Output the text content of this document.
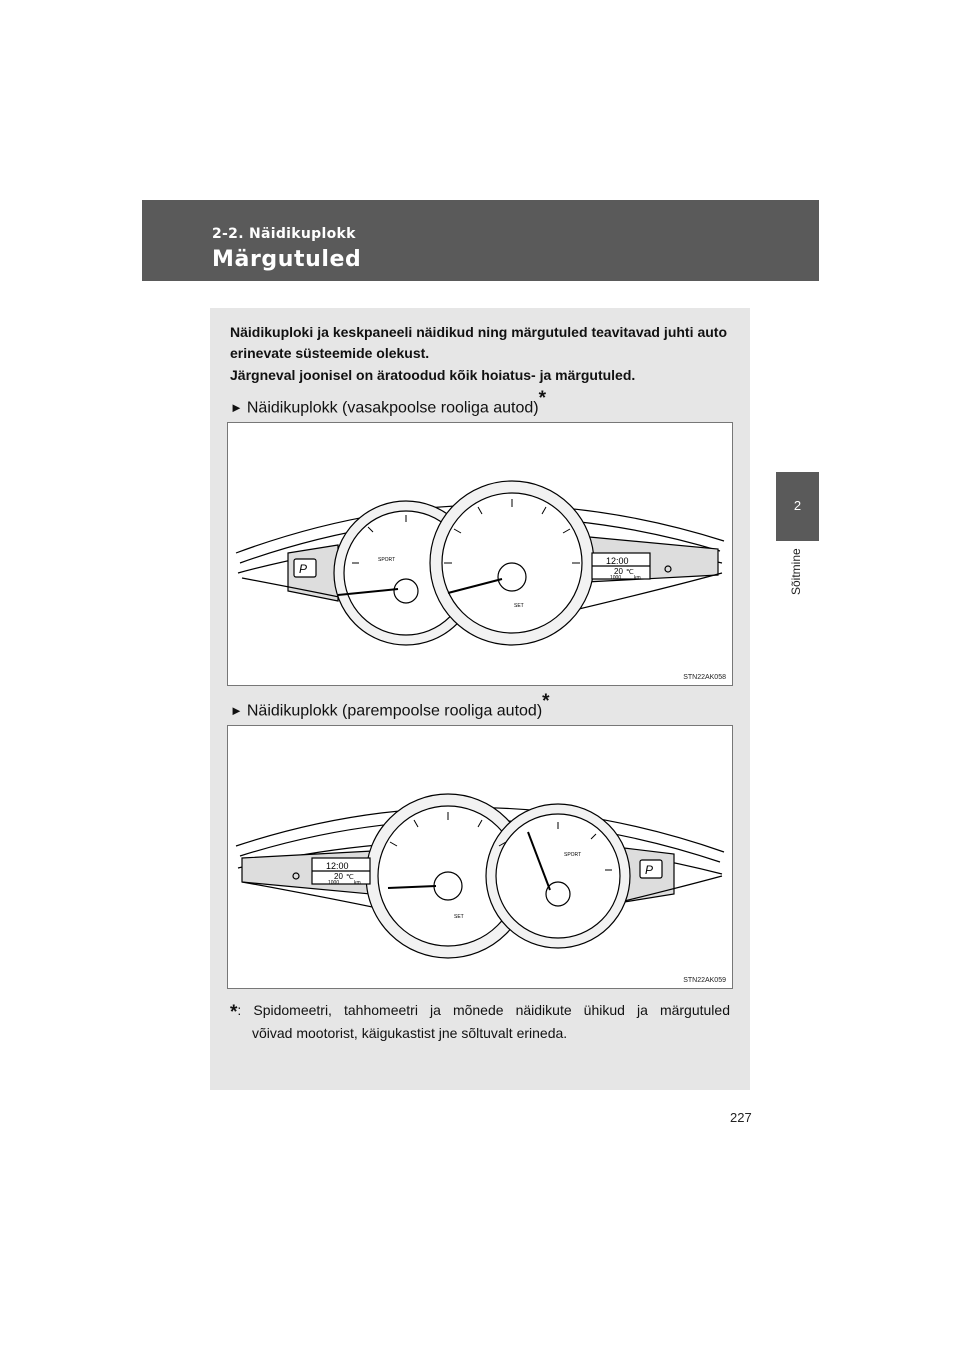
2-2. Näidikuplokk
Märgutuled
2
Sõitmine
Näidikuploki ja keskpaneeli näidikud ning märgutuled teavitavad juhti auto erinevate süsteemide olekust.
Järgneval joonisel on äratoodud kõik hoiatus- ja märgutuled.
► Näidikuplokk (vasakpoolse rooliga autod)*
12:00
20 ℃
1000	km
SPORT
SET
P
STN22AK058
► Näidikuplokk (parempoolse rooliga autod)*
12:00
20 ℃
1000	km
SPORT
SET
P
STN22AK059
*: Spidomeetri, tahhomeetri ja mõnede näidikute ühikud ja märgutuled
võivad mootorist, käigukastist jne sõltuvalt erineda.
227
